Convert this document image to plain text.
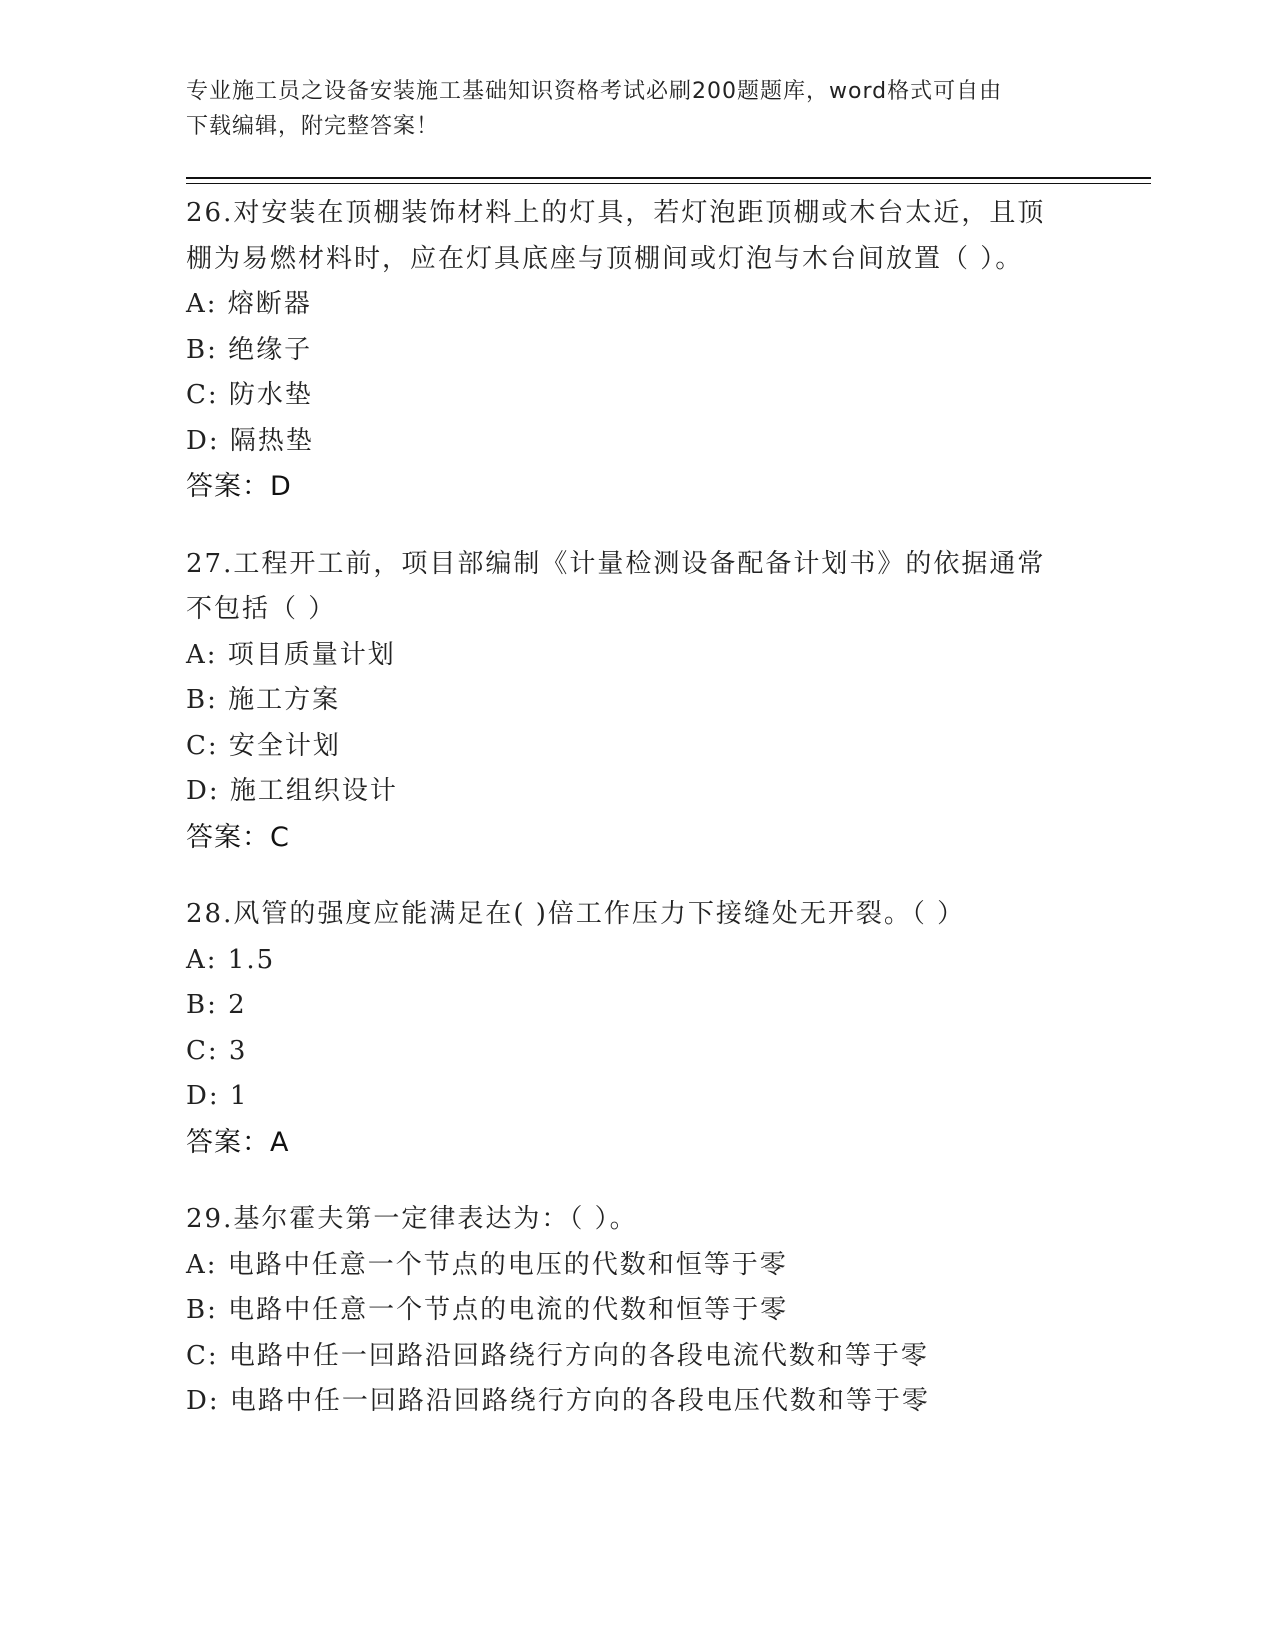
专业施工员之设备安装施工基础知识资格考试必刷200题题库，word格式可自由
下载编辑，附完整答案！
26.对安装在顶棚装饰材料上的灯具，若灯泡距顶棚或木台太近，且顶
棚为易燃材料时，应在灯具底座与顶棚间或灯泡与木台间放置（ ）。
A: 熔断器
B: 绝缘子
C: 防水垫
D: 隔热垫
答案：D
27.工程开工前，项目部编制《计量检测设备配备计划书》的依据通常
不包括（ ）
A: 项目质量计划
B: 施工方案
C: 安全计划
D: 施工组织设计
答案：C
28.风管的强度应能满足在( )倍工作压力下接缝处无开裂。（ ）
A: 1.5
B: 2
C: 3
D: 1
答案：A
29.基尔霍夫第一定律表达为：（ ）。
A: 电路中任意一个节点的电压的代数和恒等于零
B: 电路中任意一个节点的电流的代数和恒等于零
C: 电路中任一回路沿回路绕行方向的各段电流代数和等于零
D: 电路中任一回路沿回路绕行方向的各段电压代数和等于零
